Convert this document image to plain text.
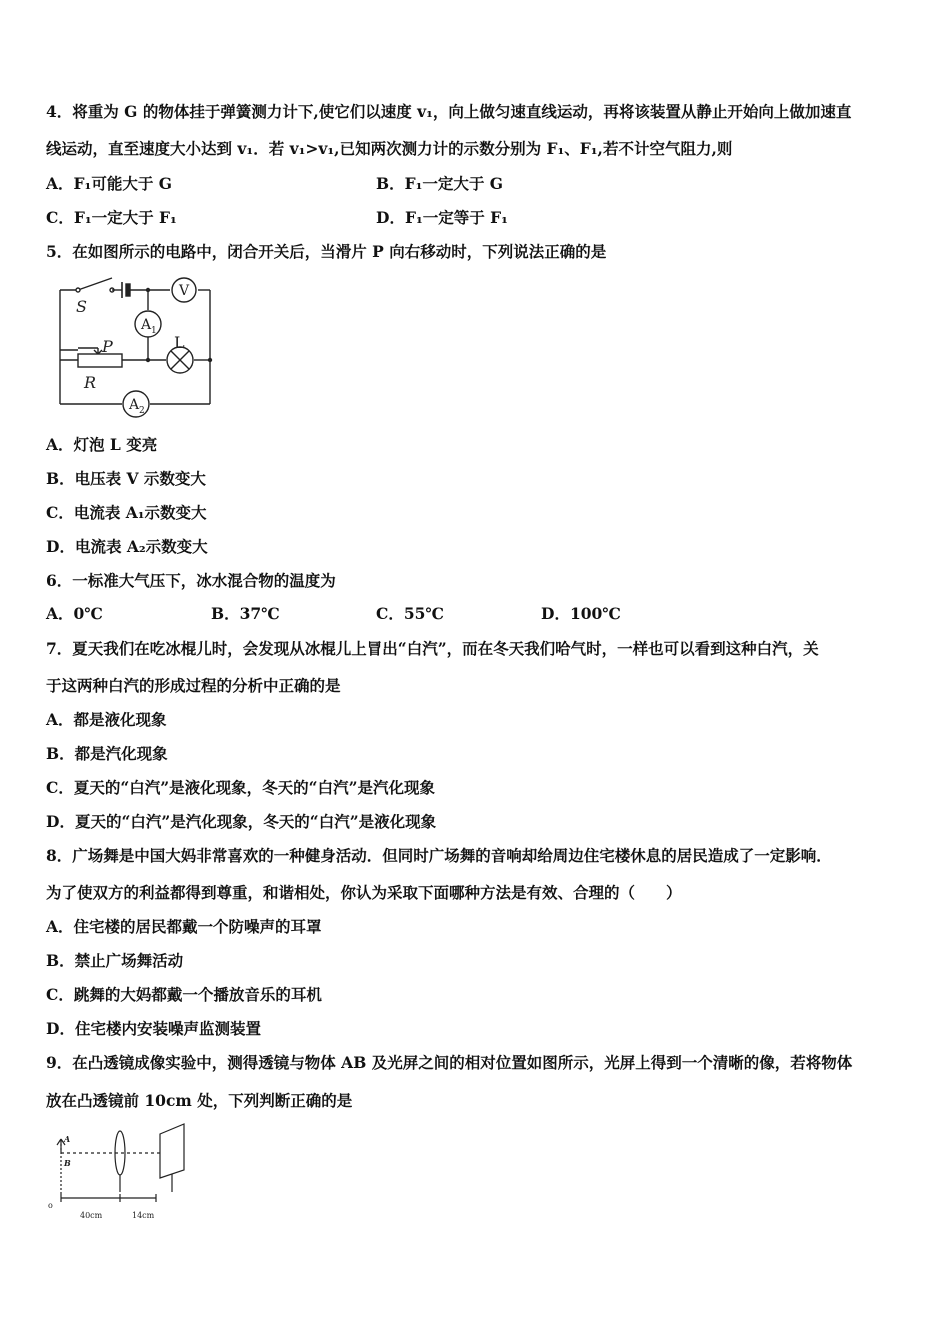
4．将重为 G 的物体挂于弹簧测力计下,使它们以速度 v₁，向上做匀速直线运动，再将该装置从静止开始向上做加速直
线运动，直至速度大小达到 v₁．若 v₁>v₁,已知两次测力计的示数分别为 F₁、F₁,若不计空气阻力,则
A．F₁可能大于 G	B．F₁一定大于 G
C．F₁一定大于 F₁	D．F₁一定等于 F₁
5．在如图所示的电路中，闭合开关后，当滑片 P 向右移动时，下列说法正确的是
S
P
R
L
V
A 1
A 2
A．灯泡 L 变亮
B．电压表 V 示数变大
C．电流表 A₁示数变大
D．电流表 A₂示数变大
6．一标准大气压下，冰水混合物的温度为
A．0℃	B．37℃	C．55℃	D．100℃
7．夏天我们在吃冰棍儿时，会发现从冰棍儿上冒出“白汽”，而在冬天我们哈气时，一样也可以看到这种白汽，关
于这两种白汽的形成过程的分析中正确的是
A．都是液化现象
B．都是汽化现象
C．夏天的“白汽”是液化现象，冬天的“白汽”是汽化现象
D．夏天的“白汽”是汽化现象，冬天的“白汽”是液化现象
8．广场舞是中国大妈非常喜欢的一种健身活动．但同时广场舞的音响却给周边住宅楼休息的居民造成了一定影响．
为了使双方的利益都得到尊重，和谐相处，你认为采取下面哪种方法是有效、合理的（　　）
A．住宅楼的居民都戴一个防噪声的耳罩
B．禁止广场舞活动
C．跳舞的大妈都戴一个播放音乐的耳机
D．住宅楼内安装噪声监测装置
9．在凸透镜成像实验中，测得透镜与物体 AB 及光屏之间的相对位置如图所示，光屏上得到一个清晰的像，若将物体
放在凸透镜前 10cm 处，下列判断正确的是
A
B
o
40cm	14cm
